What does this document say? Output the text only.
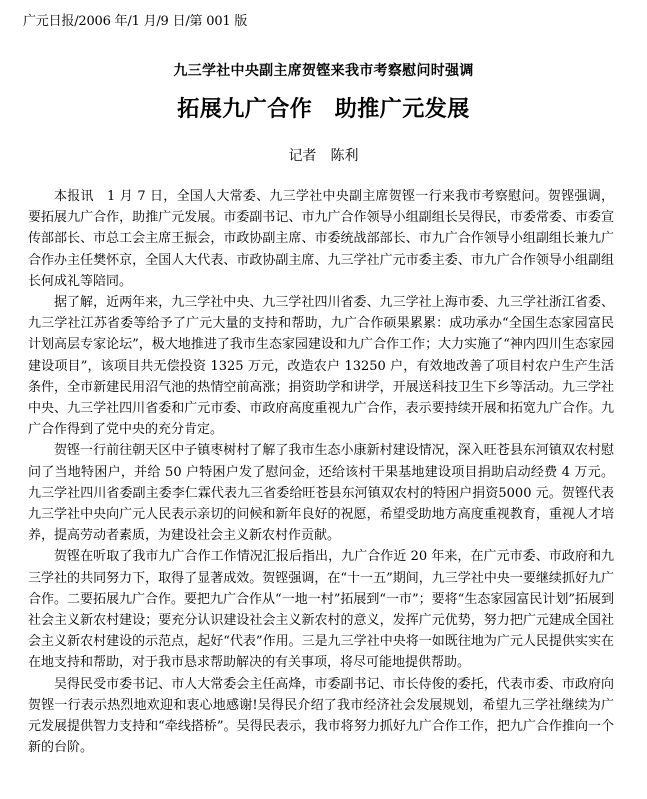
广元日报/2006 年/1 月/9 日/第 001 版
九三学社中央副主席贺铿来我市考察慰问时强调
拓展九广合作　助推广元发展
记者　陈利

本报讯　1 月 7 日，全国人大常委、九三学社中央副主席贺铿一行来我市考察慰问。贺铿强调，要拓展九广合作，助推广元发展。市委副书记、市九广合作领导小组副组长吴得民，市委常委、市委宣传部部长、市总工会主席王振会，市政协副主席、市委统战部部长、市九广合作领导小组副组长兼九广合作办主任樊怀京，全国人大代表、市政协副主席、九三学社广元市委主委、市九广合作领导小组副组长何成礼等陪同。

据了解，近两年来，九三学社中央、九三学社四川省委、九三学社上海市委、九三学社浙江省委、九三学社江苏省委等给予了广元大量的支持和帮助，九广合作硕果累累：成功承办“全国生态家园富民计划高层专家论坛”，极大地推进了我市生态家园建设和九广合作工作；大力实施了“神内四川生态家园建设项目”，该项目共无偿投资 1325 万元，改造农户 13250 户，有效地改善了项目村农户生产生活条件，全市新建民用沼气池的热情空前高涨；捐资助学和讲学，开展送科技卫生下乡等活动。九三学社中央、九三学社四川省委和广元市委、市政府高度重视九广合作，表示要持续开展和拓宽九广合作。九广合作得到了党中央的充分肯定。

贺铿一行前往朝天区中子镇枣树村了解了我市生态小康新村建设情况，深入旺苍县东河镇双农村慰问了当地特困户，并给 50 户特困户发了慰问金，还给该村干果基地建设项目捐助启动经费 4 万元。九三学社四川省委副主委李仁霖代表九三省委给旺苍县东河镇双农村的特困户捐资5000 元。贺铿代表九三学社中央向广元人民表示亲切的问候和新年良好的祝愿，希望受助地方高度重视教育，重视人才培养，提高劳动者素质，为建设社会主义新农村作贡献。

贺铿在听取了我市九广合作工作情况汇报后指出，九广合作近 20 年来，在广元市委、市政府和九三学社的共同努力下，取得了显著成效。贺铿强调，在“十一五”期间，九三学社中央一要继续抓好九广合作。二要拓展九广合作。要把九广合作从“一地一村”拓展到“一市”；要将“生态家园富民计划”拓展到社会主义新农村建设；要充分认识建设社会主义新农村的意义，发挥广元优势，努力把广元建成全国社会主义新农村建设的示范点，起好“代表”作用。三是九三学社中央将一如既往地为广元人民提供实实在在地支持和帮助，对于我市恳求帮助解决的有关事项，将尽可能地提供帮助。

吴得民受市委书记、市人大常委会主任高烽，市委副书记、市长侍俊的委托，代表市委、市政府向贺铿一行表示热烈地欢迎和衷心地感谢!吴得民介绍了我市经济社会发展规划，希望九三学社继续为广元发展提供智力支持和“牵线搭桥”。吴得民表示，我市将努力抓好九广合作工作，把九广合作推向一个新的台阶。
